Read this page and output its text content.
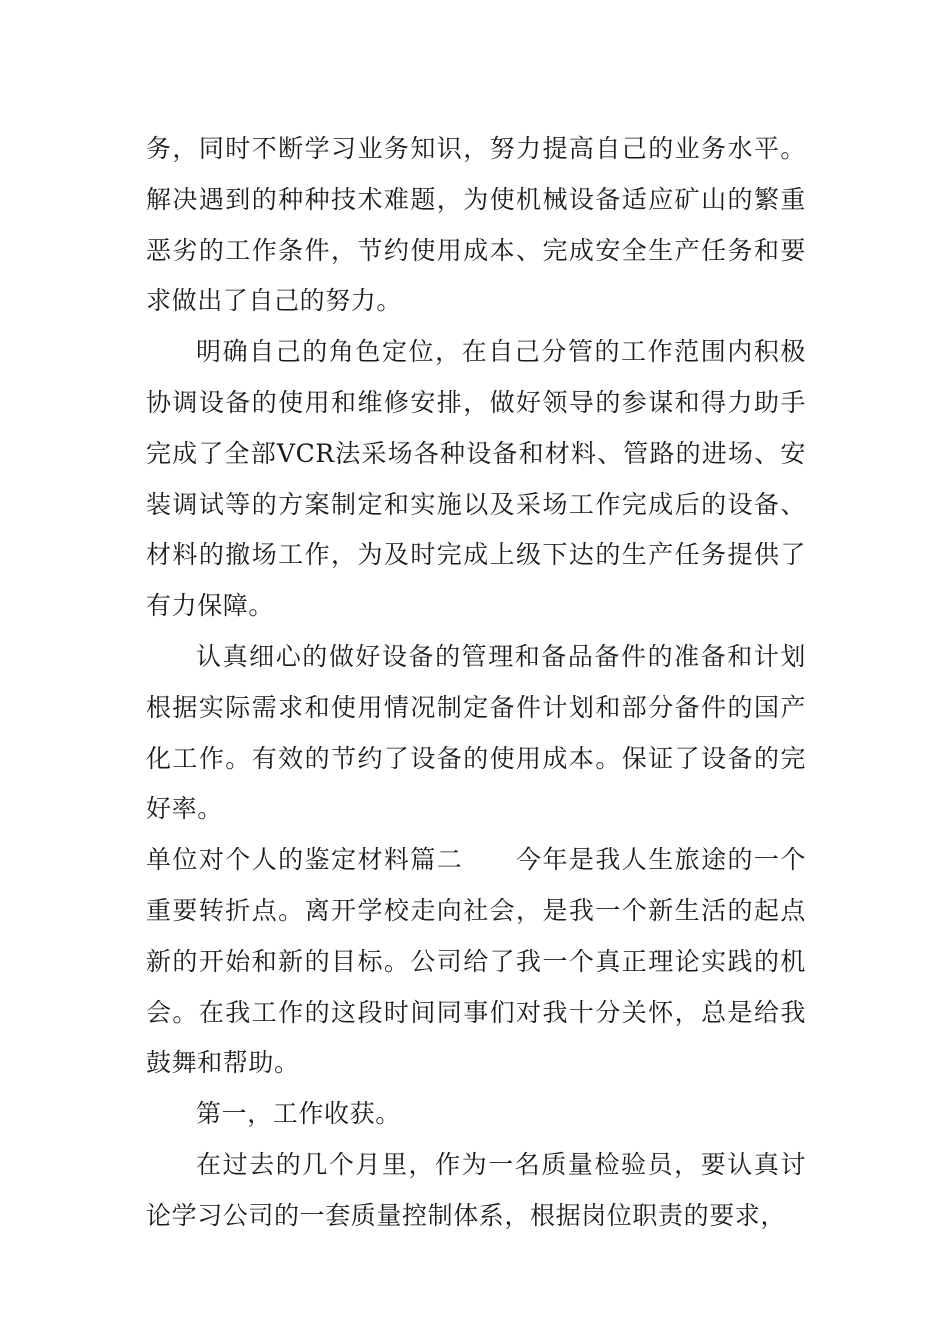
务，同时不断学习业务知识，努力提高自己的业务水平。解决遇到的种种技术难题，为使机械设备适应矿山的繁重恶劣的工作条件，节约使用成本、完成安全生产任务和要求做出了自己的努力。

明确自己的角色定位，在自己分管的工作范围内积极协调设备的使用和维修安排，做好领导的参谋和得力助手完成了全部VCR法采场各种设备和材料、管路的进场、安装调试等的方案制定和实施以及采场工作完成后的设备、材料的撤场工作，为及时完成上级下达的生产任务提供了有力保障。

认真细心的做好设备的管理和备品备件的准备和计划根据实际需求和使用情况制定备件计划和部分备件的国产化工作。有效的节约了设备的使用成本。保证了设备的完好率。

单位对个人的鉴定材料篇二 今年是我人生旅途的一个重要转折点。离开学校走向社会，是我一个新生活的起点新的开始和新的目标。公司给了我一个真正理论实践的机会。在我工作的这段时间同事们对我十分关怀，总是给我鼓舞和帮助。

第一，工作收获。

在过去的几个月里，作为一名质量检验员，要认真讨论学习公司的一套质量控制体系，根据岗位职责的要求，
